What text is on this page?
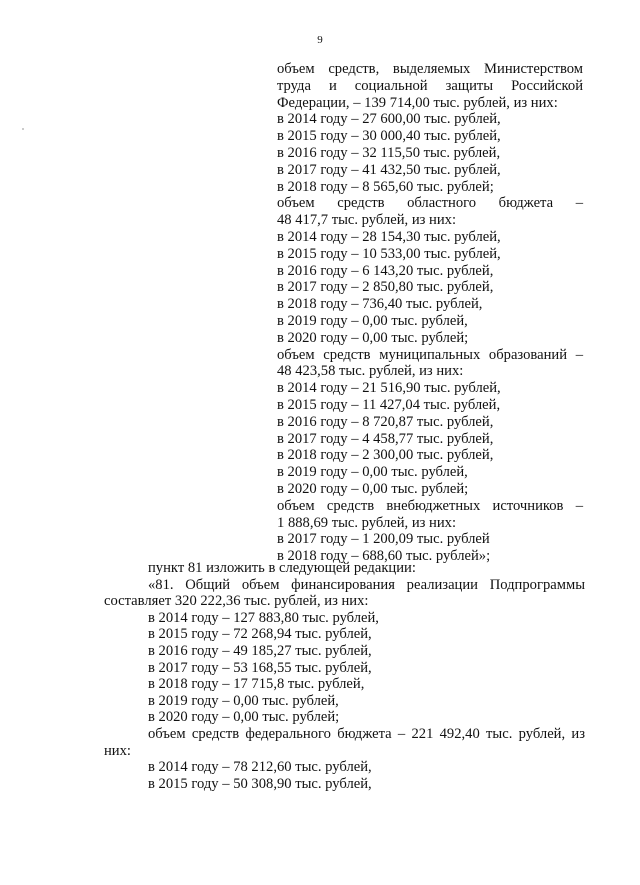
9
объем средств, выделяемых Министерством
труда и социальной защиты Российской
Федерации, – 139 714,00 тыс. рублей, из них:
в 2014 году – 27 600,00 тыс. рублей,
в 2015 году – 30 000,40 тыс. рублей,
в 2016 году – 32 115,50 тыс. рублей,
в 2017 году – 41 432,50 тыс. рублей,
в 2018 году – 8 565,60 тыс. рублей;
объем средств областного бюджета –
48 417,7 тыс. рублей, из них:
в 2014 году – 28 154,30 тыс. рублей,
в 2015 году – 10 533,00 тыс. рублей,
в 2016 году – 6 143,20 тыс. рублей,
в 2017 году – 2 850,80 тыс. рублей,
в 2018 году – 736,40 тыс. рублей,
в 2019 году – 0,00 тыс. рублей,
в 2020 году – 0,00 тыс. рублей;
объем средств муниципальных образований –
48 423,58 тыс. рублей, из них:
в 2014 году – 21 516,90 тыс. рублей,
в 2015 году – 11 427,04 тыс. рублей,
в 2016 году – 8 720,87 тыс. рублей,
в 2017 году – 4 458,77 тыс. рублей,
в 2018 году – 2 300,00 тыс. рублей,
в 2019 году – 0,00 тыс. рублей,
в 2020 году – 0,00 тыс. рублей;
объем средств внебюджетных источников –
1 888,69 тыс. рублей, из них:
в 2017 году – 1 200,09 тыс. рублей
в 2018 году – 688,60 тыс. рублей»;
пункт 81 изложить в следующей редакции:
«81. Общий объем финансирования реализации Подпрограммы
составляет 320 222,36 тыс. рублей, из них:
в 2014 году – 127 883,80 тыс. рублей,
в 2015 году – 72 268,94 тыс. рублей,
в 2016 году – 49 185,27 тыс. рублей,
в 2017 году – 53 168,55 тыс. рублей,
в 2018 году – 17 715,8 тыс. рублей,
в 2019 году – 0,00 тыс. рублей,
в 2020 году – 0,00 тыс. рублей;
объем средств федерального бюджета – 221 492,40 тыс. рублей, из
них:
в 2014 году – 78 212,60 тыс. рублей,
в 2015 году – 50 308,90 тыс. рублей,
